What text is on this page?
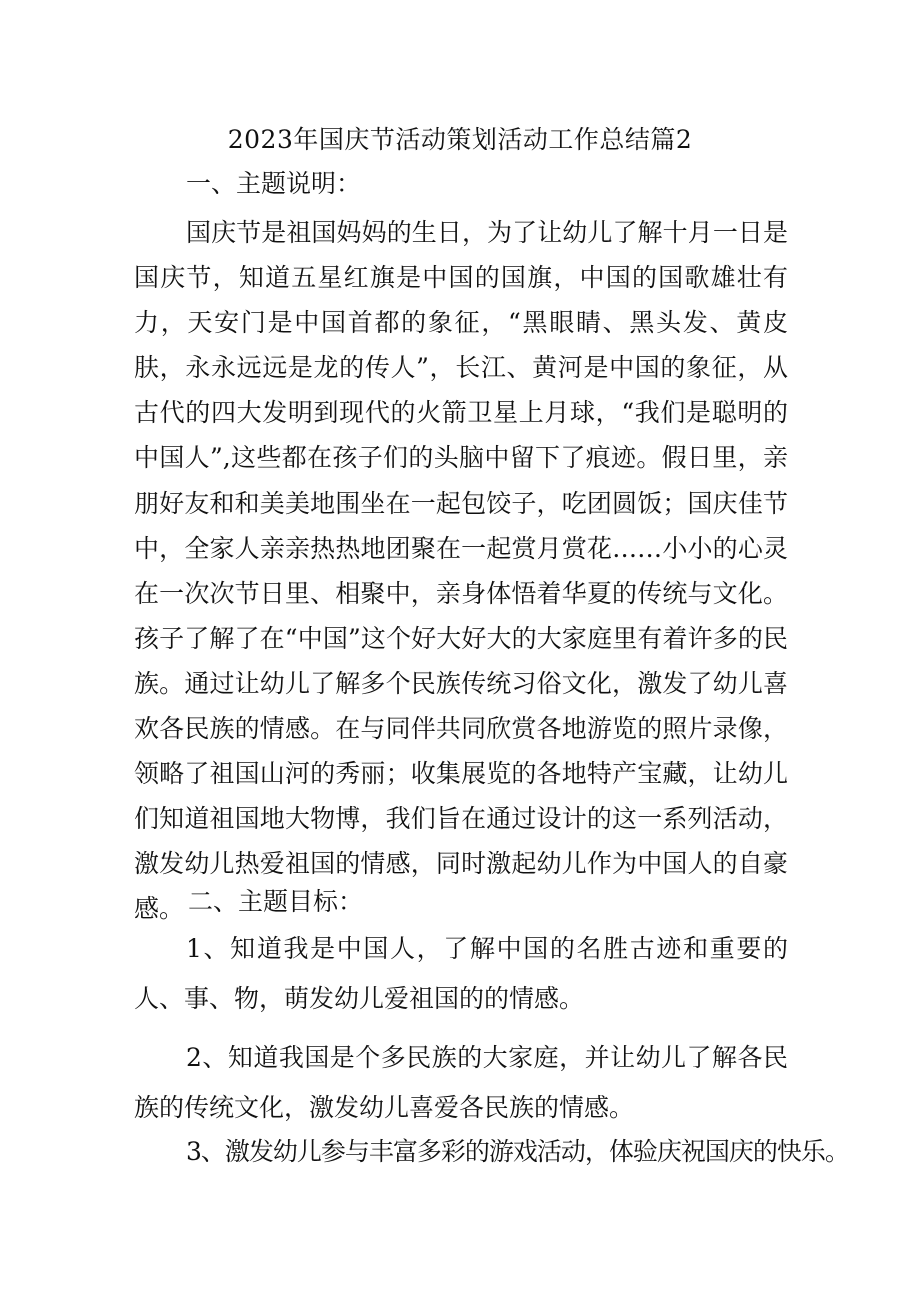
2023年国庆节活动策划活动工作总结篇2
一、主题说明：
国庆节是祖国妈妈的生日，为了让幼儿了解十月一日是国庆节，知道五星红旗是中国的国旗，中国的国歌雄壮有力，天安门是中国首都的象征，“黑眼睛、黑头发、黄皮肤，永永远远是龙的传人”，长江、黄河是中国的象征，从古代的四大发明到现代的火箭卫星上月球，“我们是聪明的中国人”,这些都在孩子们的头脑中留下了痕迹。假日里，亲朋好友和和美美地围坐在一起包饺子，吃团圆饭；国庆佳节中，全家人亲亲热热地团聚在一起赏月赏花……小小的心灵在一次次节日里、相聚中，亲身体悟着华夏的传统与文化。孩子了解了在“中国”这个好大好大的大家庭里有着许多的民族。通过让幼儿了解多个民族传统习俗文化，激发了幼儿喜欢各民族的情感。在与同伴共同欣赏各地游览的照片录像，领略了祖国山河的秀丽；收集展览的各地特产宝藏，让幼儿们知道祖国地大物博，我们旨在通过设计的这一系列活动，激发幼儿热爱祖国的情感，同时激起幼儿作为中国人的自豪感。 二、主题目标：
1、知道我是中国人，了解中国的名胜古迹和重要的人、事、物，萌发幼儿爱祖国的的情感。
2、知道我国是个多民族的大家庭，并让幼儿了解各民族的传统文化，激发幼儿喜爱各民族的情感。
3、激发幼儿参与丰富多彩的游戏活动，体验庆祝国庆的快乐。
